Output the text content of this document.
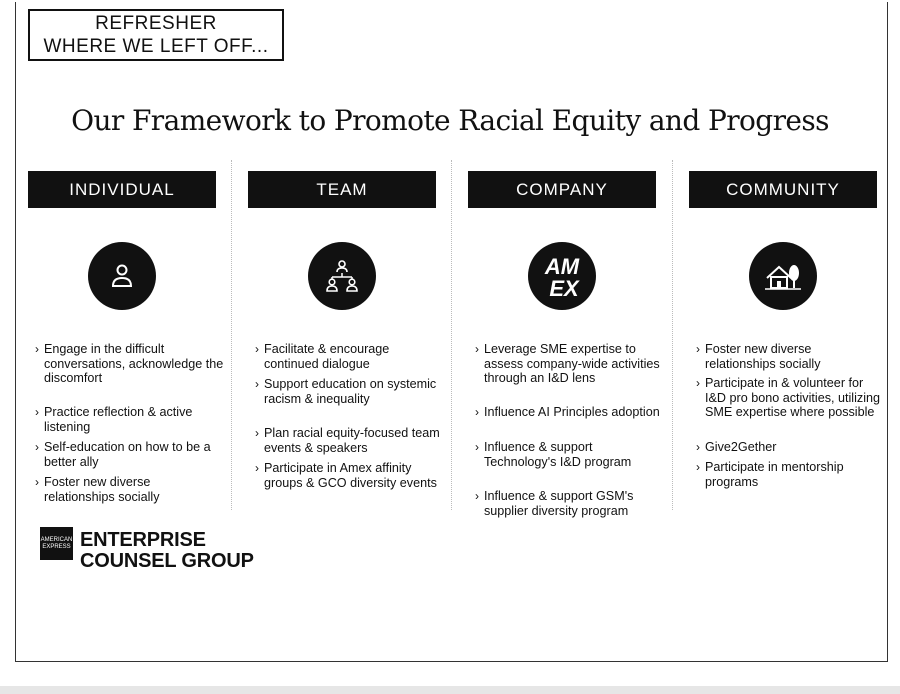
REFRESHER
WHERE WE LEFT OFF...
Our Framework to Promote Racial Equity and Progress
INDIVIDUAL
› Engage in the difficult conversations, acknowledge the discomfort
› Practice reflection & active listening
› Self-education on how to be a better ally
› Foster new diverse relationships socially
TEAM
› Facilitate & encourage continued dialogue
› Support education on systemic racism & inequality
› Plan racial equity-focused team events & speakers
› Participate in Amex affinity groups & GCO diversity events
COMPANY
AM
EX
› Leverage SME expertise to assess company-wide activities through an I&D lens
› Influence AI Principles adoption
› Influence & support Technology's I&D program
› Influence & support GSM's supplier diversity program
COMMUNITY
› Foster new diverse relationships socially
› Participate in & volunteer for I&D pro bono activities, utilizing SME expertise where possible
› Give2Gether
› Participate in mentorship programs
AMERICAN
EXPRESS ENTERPRISE
COUNSEL GROUP
